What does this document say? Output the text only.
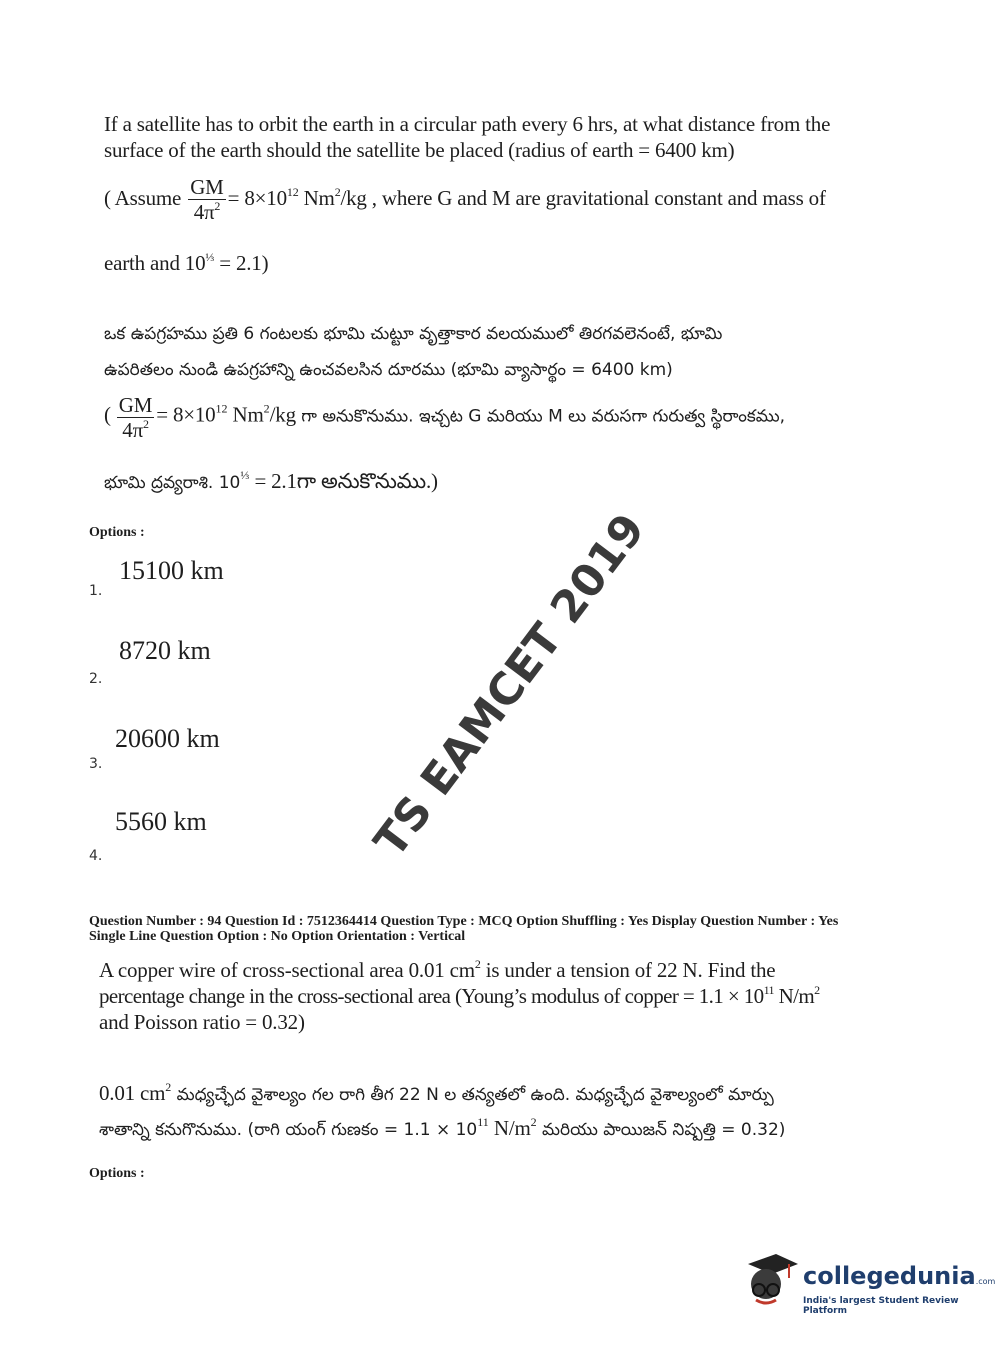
If a satellite has to orbit the earth in a circular path every 6 hrs, at what distance from the
surface of the earth should the satellite be placed (radius of earth = 6400 km)
( Assume $\frac{GM}{4\pi^2} = 8\times 10^{12}$ Nm$^2$/kg , where G and M are gravitational constant and mass of
earth and $10^{\frac{1}{3}} = 2.1$)
ఒక ఉపగ్రహము ప్రతి 6 గంటలకు భూమి చుట్టూ వృత్తాకార వలయములో తిరగవలెనంటే, భూమి
ఉపరితలం నుండి ఉపగ్రహాన్ని ఉంచవలసిన దూరము (భూమి వ్యాసార్థం = 6400 km)
( $\frac{GM}{4\pi^2} = 8\times 10^{12}$ Nm$^2$/kg గా అనుకొనుము. ఇచ్చట G మరియు M లు వరుసగా గురుత్వ స్థిరాంకము,
భూమి ద్రవ్యరాశి. $10^{\frac{1}{3}}$ = 2.1గా అనుకొనుము.)
Options :
15100 km
1.
8720 km
2.
20600 km
3.
5560 km
4.	TS EAMCET 2019
Question Number : 94 Question Id : 7512364414 Question Type : MCQ Option Shuffling : Yes Display Question Number : Yes
Single Line Question Option : No Option Orientation : Vertical
A copper wire of cross-sectional area 0.01 $cm^2$ is under a tension of 22 N. Find the
percentage change in the cross-sectional area (Young’s modulus of copper = $1.1 \times 10^{11}$ $N/m^2$
and Poisson ratio = 0.32)
0.01 $cm^2$ మధ్యచ్ఛేద వైశాల్యం గల రాగి తీగ 22 N ల తన్యతలో ఉంది. మధ్యచ్ఛేద వైశాల్యంలో మార్పు
శాతాన్ని కనుగొనుము. (రాగి యంగ్ గుణకం = $1.1 \times 10^{11}$ $N/m^2$ మరియు పాయిజన్ నిష్పత్తి = 0.32)
Options :
collegedunia.com
India's largest Student Review Platform
